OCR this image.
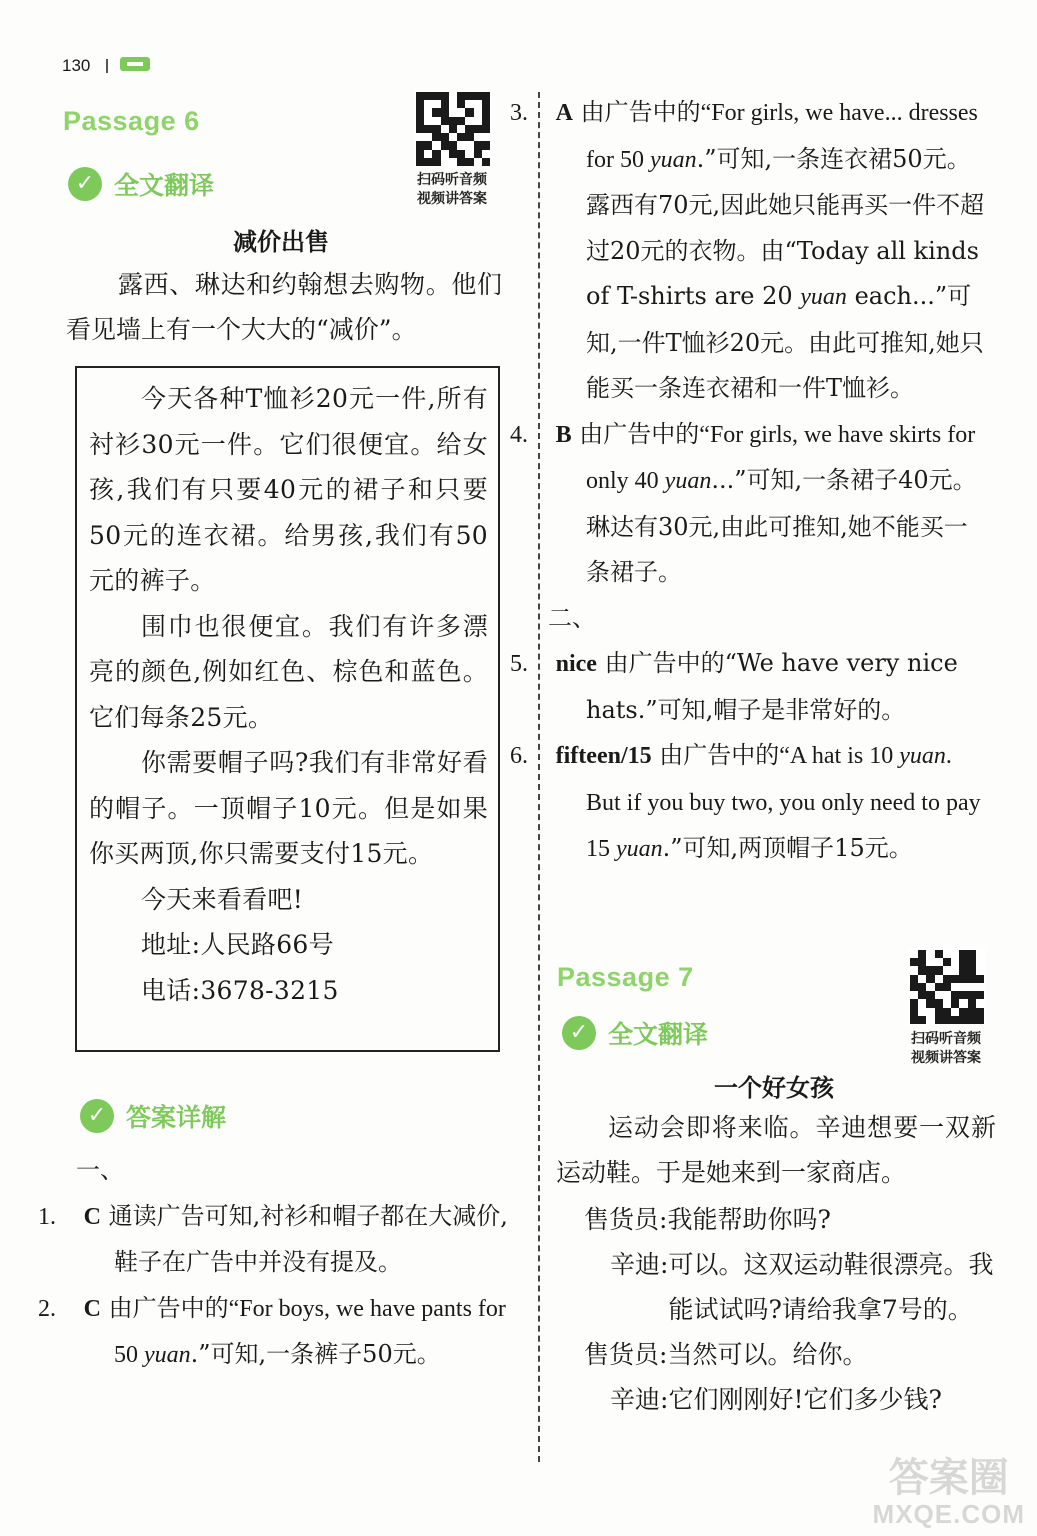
130
Passage 6
✓ 全文翻译	扫码听音频
视频讲答案
减价出售

露西、琳达和约翰想去购物。他们看见墙上有一个大大的“减价”。

今天各种T恤衫20元一件,所有衬衫30元一件。它们很便宜。给女孩,我们有只要40元的裙子和只要50元的连衣裙。给男孩,我们有50元的裤子。

围巾也很便宜。我们有许多漂亮的颜色,例如红色、棕色和蓝色。它们每条25元。

你需要帽子吗?我们有非常好看的帽子。一顶帽子10元。但是如果你买两顶,你只需要支付15元。

今天来看看吧!

地址:人民路66号

电话:3678-3215

✓ 答案详解

一、

1. C 通读广告可知,衬衫和帽子都在大减价,鞋子在广告中并没有提及。

2. C 由广告中的“For boys, we have pants for 50 yuan.”可知,一条裤子50元。

3. A 由广告中的“For girls, we have... dresses for 50 yuan.”可知,一条连衣裙50元。露西有70元,因此她只能再买一件不超过20元的衣物。由“Today all kinds of T-shirts are 20 yuan each...”可知,一件T恤衫20元。由此可推知,她只能买一条连衣裙和一件T恤衫。

4. B 由广告中的“For girls, we have skirts for only 40 yuan...”可知,一条裙子40元。琳达有30元,由此可推知,她不能买一条裙子。

二、

5. nice 由广告中的“We have very nice hats.”可知,帽子是非常好的。

6. fifteen/15 由广告中的“A hat is 10 yuan. But if you buy two, you only need to pay 15 yuan.”可知,两顶帽子15元。

Passage 7
✓ 全文翻译	扫码听音频
视频讲答案
一个好女孩

运动会即将来临。辛迪想要一双新运动鞋。于是她来到一家商店。

售货员: 我能帮助你吗?
辛迪: 可以。这双运动鞋很漂亮。我能试试吗?请给我拿7号的。
售货员: 当然可以。给你。
辛迪: 它们刚刚好!它们多少钱?
答案圈
MXQE.COM
